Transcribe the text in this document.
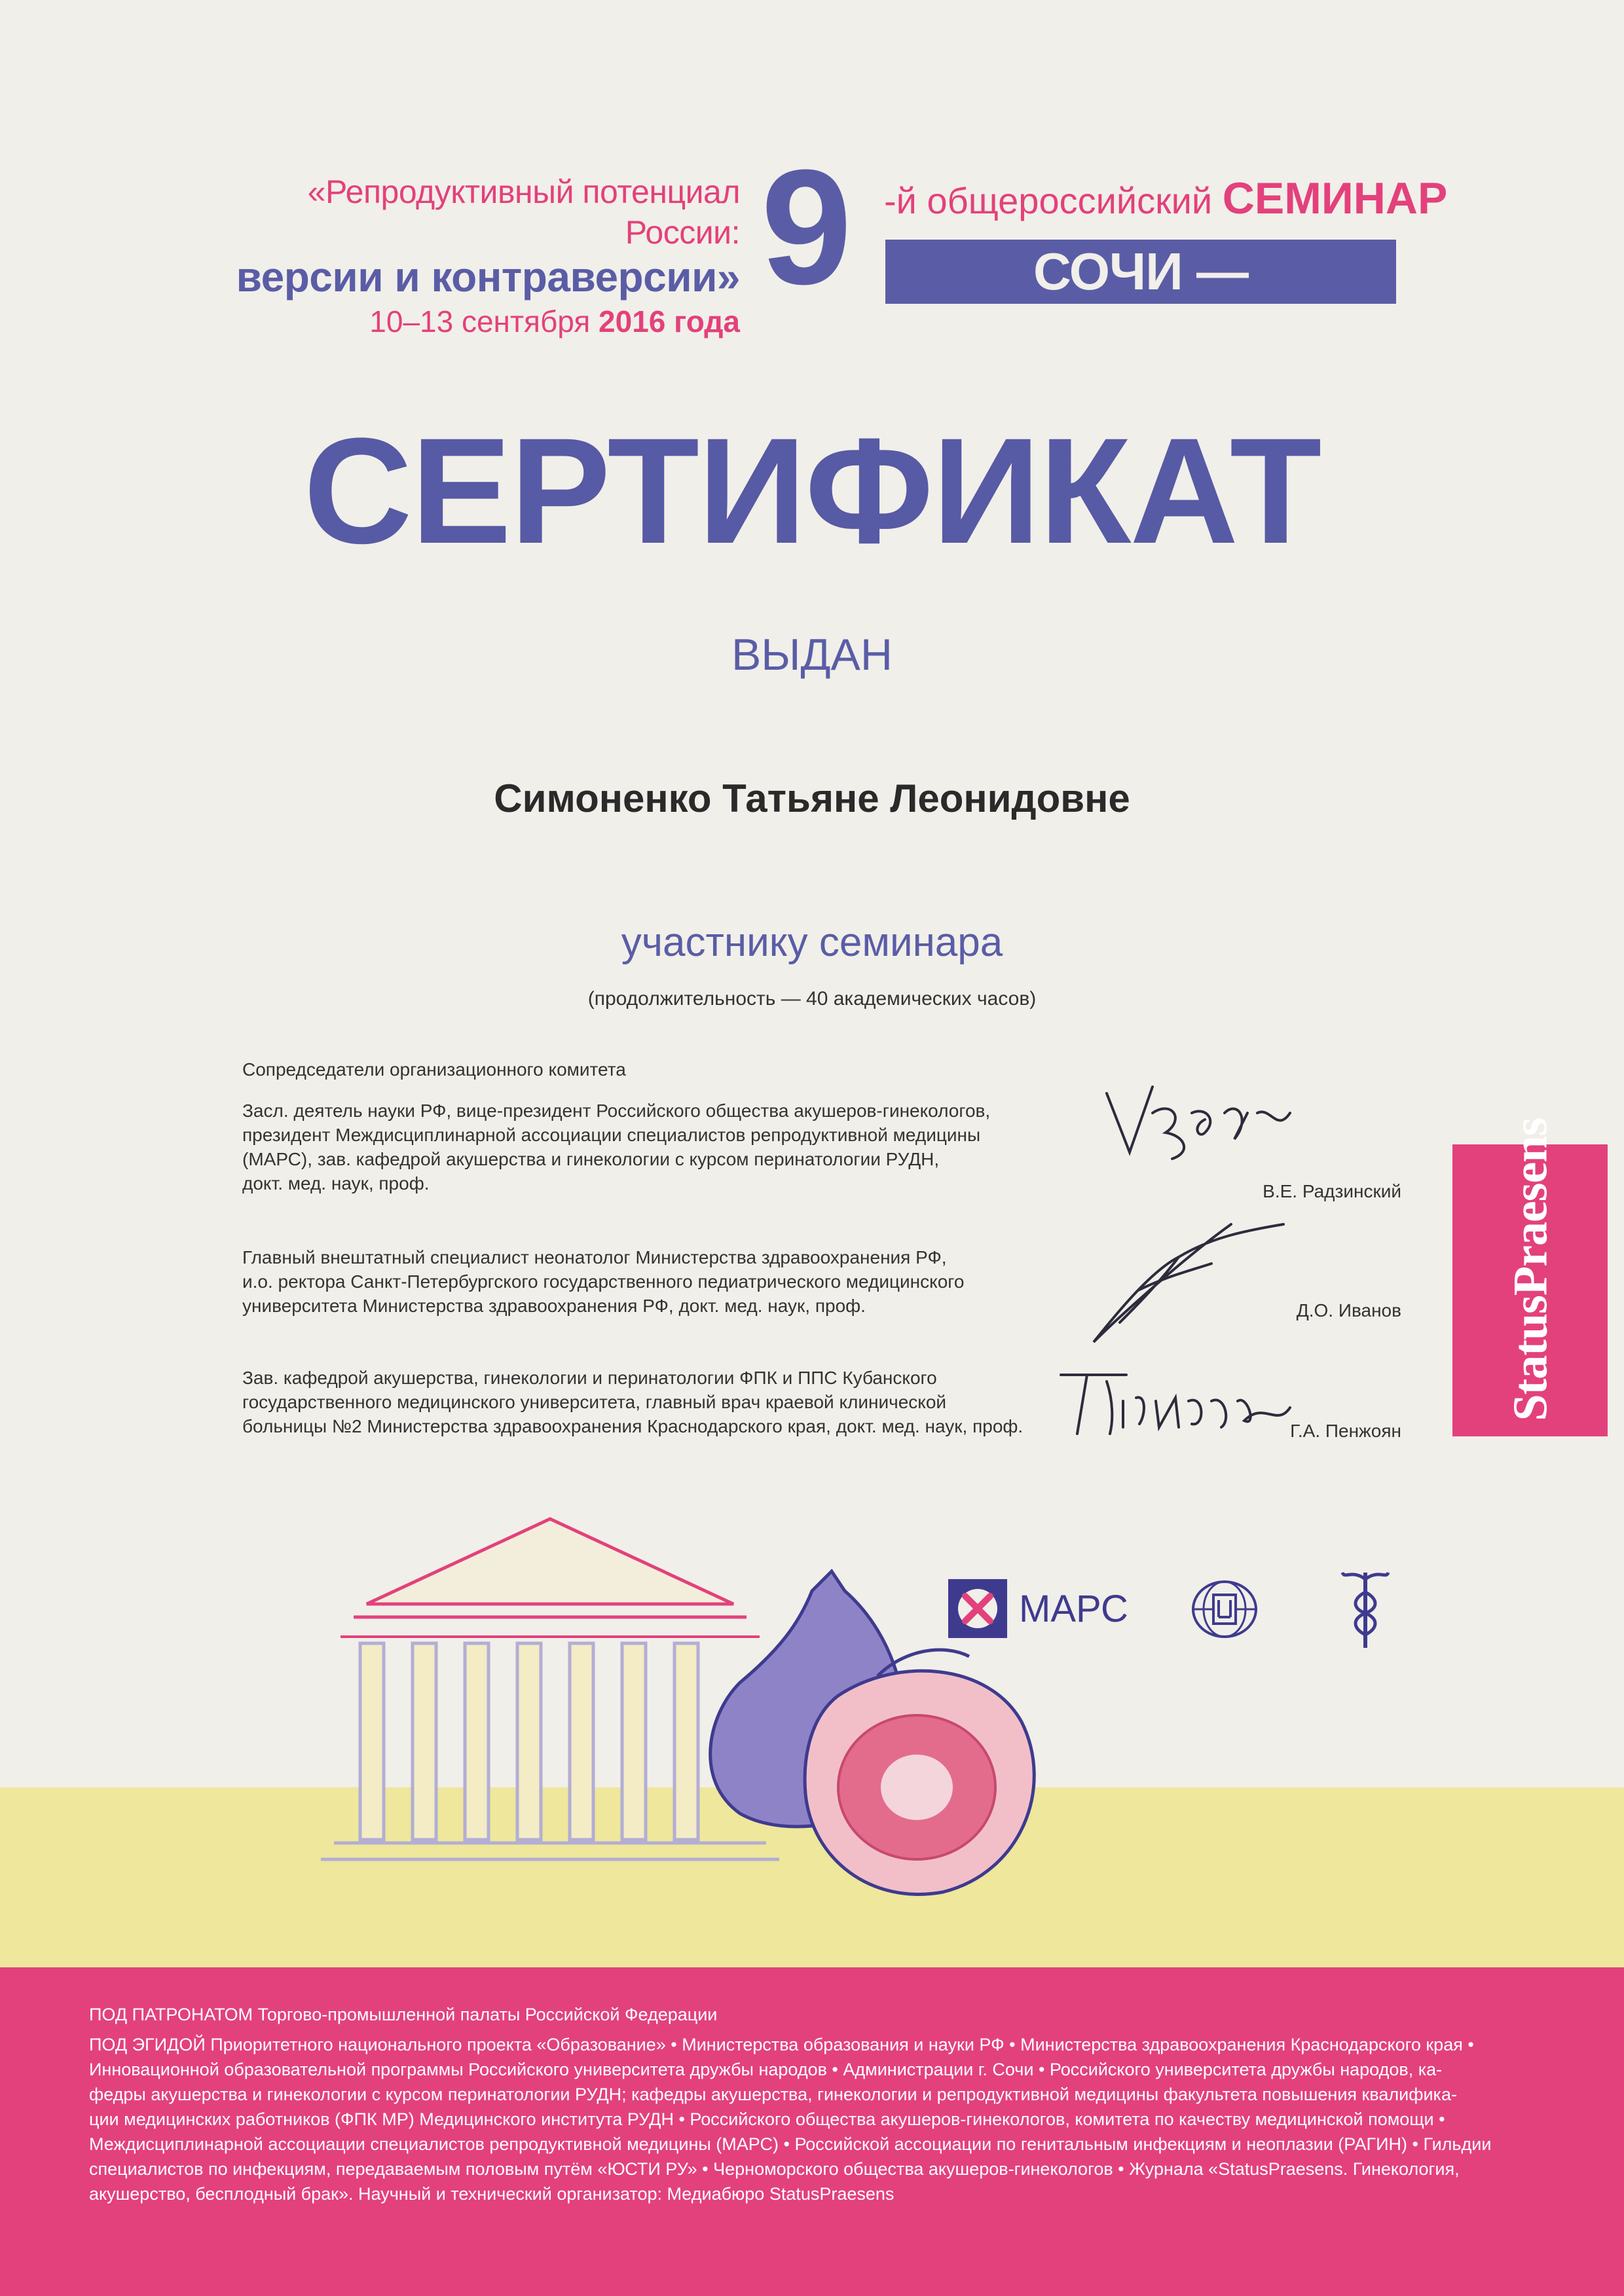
«Репродуктивный потенциал России:
версии и контраверсии»
10–13 сентября 2016 года
9 -й общероссийский СЕМИНАР
СОЧИ — СЕНТЯБРЬ
СЕРТИФИКАТ
ВЫДАН
Симоненко Татьяне Леонидовне
участнику семинара
(продолжительность — 40 академических часов)
Сопредседатели организационного комитета
Засл. деятель науки РФ, вице-президент Российского общества акушеров-гинекологов,
президент Междисциплинарной ассоциации специалистов репродуктивной медицины
(МАРС), зав. кафедрой акушерства и гинекологии с курсом перинатологии РУДН,
докт. мед. наук, проф.
Главный внештатный специалист неонатолог Министерства здравоохранения РФ,
и.о. ректора Санкт-Петербургского государственного педиатрического медицинского
университета Министерства здравоохранения РФ, докт. мед. наук, проф.
Зав. кафедрой акушерства, гинекологии и перинатологии ФПК и ППС Кубанского
государственного медицинского университета, главный врач краевой клинической
больницы №2 Министерства здравоохранения Краснодарского края, докт. мед. наук, проф.
В.Е. Радзинский
Д.О. Иванов
Г.А. Пенжоян
StatusPraesens
МАРС

ПОД ПАТРОНАТОМ Торгово-промышленной палаты Российской Федерации

ПОД ЭГИДОЙ Приоритетного национального проекта «Образование» • Министерства образования и науки РФ • Министерства здравоохранения Краснодарского края •

Инновационной образовательной программы Российского университета дружбы народов • Администрации г. Сочи • Российского университета дружбы народов, ка-

федры акушерства и гинекологии с курсом перинатологии РУДН; кафедры акушерства, гинекологии и репродуктивной медицины факультета повышения квалифика-

ции медицинских работников (ФПК МР) Медицинского института РУДН • Российского общества акушеров-гинекологов, комитета по качеству медицинской помощи •

Междисциплинарной ассоциации специалистов репродуктивной медицины (МАРС) • Российской ассоциации по генитальным инфекциям и неоплазии (РАГИН) • Гильдии

специалистов по инфекциям, передаваемым половым путём «ЮСТИ РУ» • Черноморского общества акушеров-гинекологов • Журнала «StatusPraesens. Гинекология,

акушерство, бесплодный брак». Научный и технический организатор: Медиабюро StatusPraesens
